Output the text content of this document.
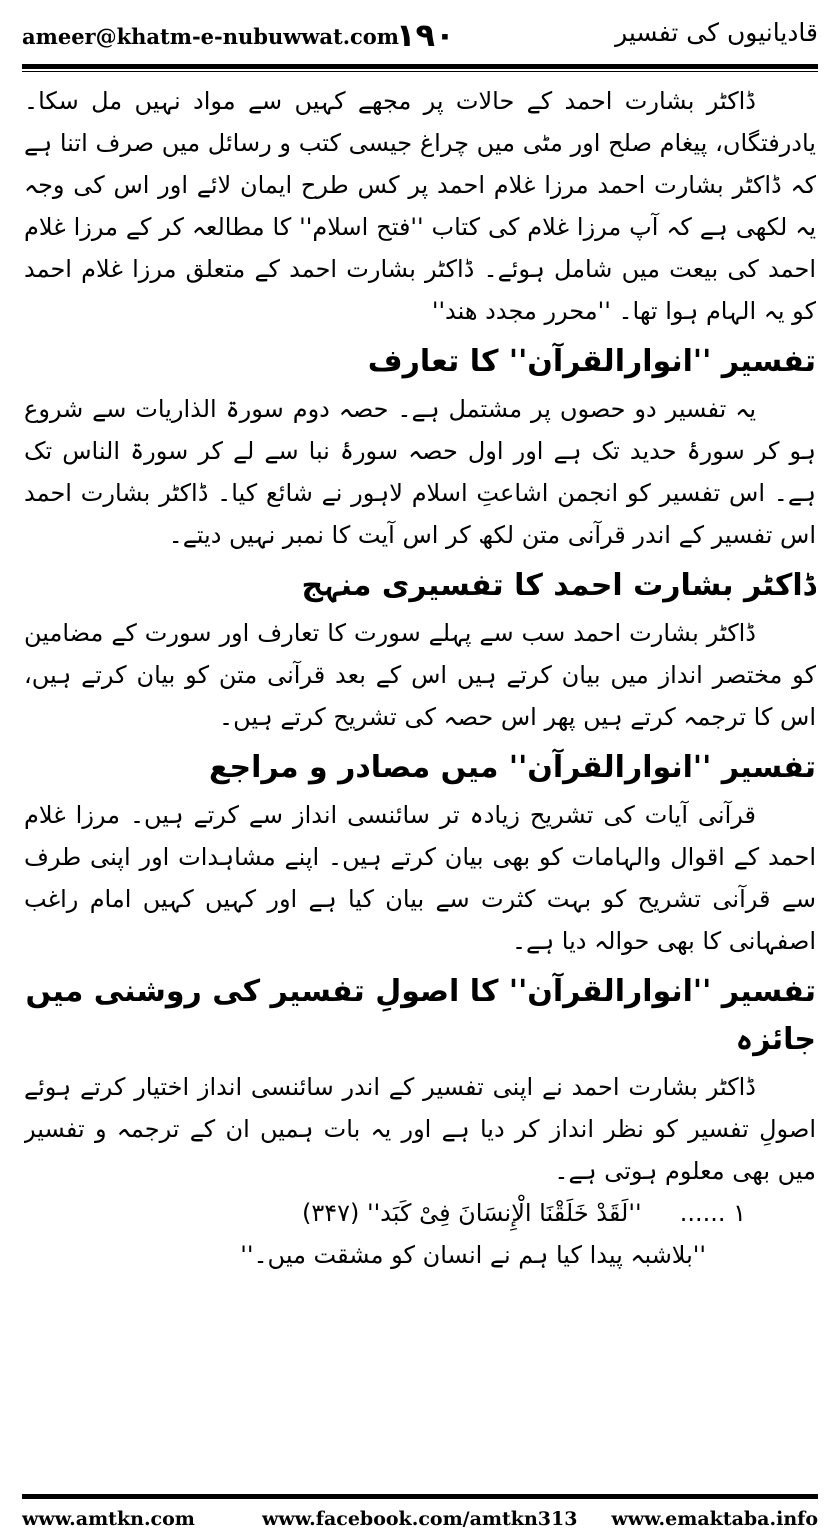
ameer@khatm-e-nubuwwat.com
۱۹۰	قادیانیوں کی تفسیر

ڈاکٹر بشارت احمد کے حالات پر مجھے کہیں سے مواد نہیں مل سکا۔ یادرفتگاں، پیغام صلح اور مٹی میں چراغ جیسی کتب و رسائل میں صرف اتنا ہے کہ ڈاکٹر بشارت احمد مرزا غلام احمد پر کس طرح ایمان لائے اور اس کی وجہ یہ لکھی ہے کہ آپ مرزا غلام کی کتاب ''فتح اسلام'' کا مطالعہ کر کے مرزا غلام احمد کی بیعت میں شامل ہوئے۔ ڈاکٹر بشارت احمد کے متعلق مرزا غلام احمد کو یہ الہام ہوا تھا۔ ''محرر مجدد ھند''

تفسیر ''انوارالقرآن'' کا تعارف

یہ تفسیر دو حصوں پر مشتمل ہے۔ حصہ دوم سورۃ الذاریات سے شروع ہو کر سورۂ حدید تک ہے اور اول حصہ سورۂ نبا سے لے کر سورۃ الناس تک ہے۔ اس تفسیر کو انجمن اشاعتِ اسلام لاہور نے شائع کیا۔ ڈاکٹر بشارت احمد اس تفسیر کے اندر قرآنی متن لکھ کر اس آیت کا نمبر نہیں دیتے۔

ڈاکٹر بشارت احمد کا تفسیری منہج

ڈاکٹر بشارت احمد سب سے پہلے سورت کا تعارف اور سورت کے مضامین کو مختصر انداز میں بیان کرتے ہیں اس کے بعد قرآنی متن کو بیان کرتے ہیں، اس کا ترجمہ کرتے ہیں پھر اس حصہ کی تشریح کرتے ہیں۔

تفسیر ''انوارالقرآن'' میں مصادر و مراجع

قرآنی آیات کی تشریح زیادہ تر سائنسی انداز سے کرتے ہیں۔ مرزا غلام احمد کے اقوال والہامات کو بھی بیان کرتے ہیں۔ اپنے مشاہدات اور اپنی طرف سے قرآنی تشریح کو بہت کثرت سے بیان کیا ہے اور کہیں کہیں امام راغب اصفہانی کا بھی حوالہ دیا ہے۔

تفسیر ''انوارالقرآن'' کا اصولِ تفسیر کی روشنی میں جائزہ

ڈاکٹر بشارت احمد نے اپنی تفسیر کے اندر سائنسی انداز اختیار کرتے ہوئے اصولِ تفسیر کو نظر انداز کر دیا ہے اور یہ بات ہمیں ان کے ترجمہ و تفسیر میں بھی معلوم ہوتی ہے۔

۱ ......     ''لَقَدْ خَلَقْنَا الْإِنسَانَ فِیْ کَبَد'' (۳۴۷)

''بلاشبہ پیدا کیا ہم نے انسان کو مشقت میں۔''

www.amtkn.com	www.facebook.com/amtkn313 www.emaktaba.info
